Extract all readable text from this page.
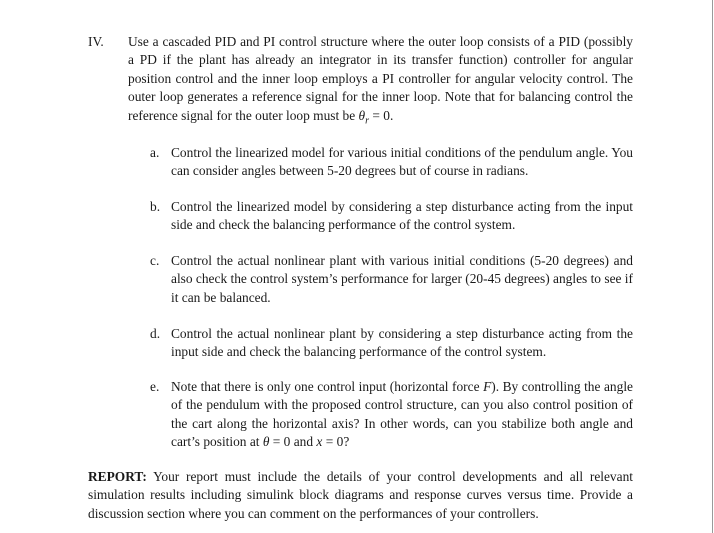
IV. Use a cascaded PID and PI control structure where the outer loop consists of a PID (possibly a PD if the plant has already an integrator in its transfer function) controller for angular position control and the inner loop employs a PI controller for angular velocity control. The outer loop generates a reference signal for the inner loop. Note that for balancing control the reference signal for the outer loop must be $\theta_r = 0$.
a. Control the linearized model for various initial conditions of the pendulum angle. You can consider angles between 5-20 degrees but of course in radians.
b. Control the linearized model by considering a step disturbance acting from the input side and check the balancing performance of the control system.
c. Control the actual nonlinear plant with various initial conditions (5-20 degrees) and also check the control system’s performance for larger (20-45 degrees) angles to see if it can be balanced.
d. Control the actual nonlinear plant by considering a step disturbance acting from the input side and check the balancing performance of the control system.
e. Note that there is only one control input (horizontal force F). By controlling the angle of the pendulum with the proposed control structure, can you also control position of the cart along the horizontal axis? In other words, can you stabilize both angle and cart’s position at θ = 0 and x = 0?
REPORT: Your report must include the details of your control developments and all relevant simulation results including simulink block diagrams and response curves versus time. Provide a discussion section where you can comment on the performances of your controllers.
